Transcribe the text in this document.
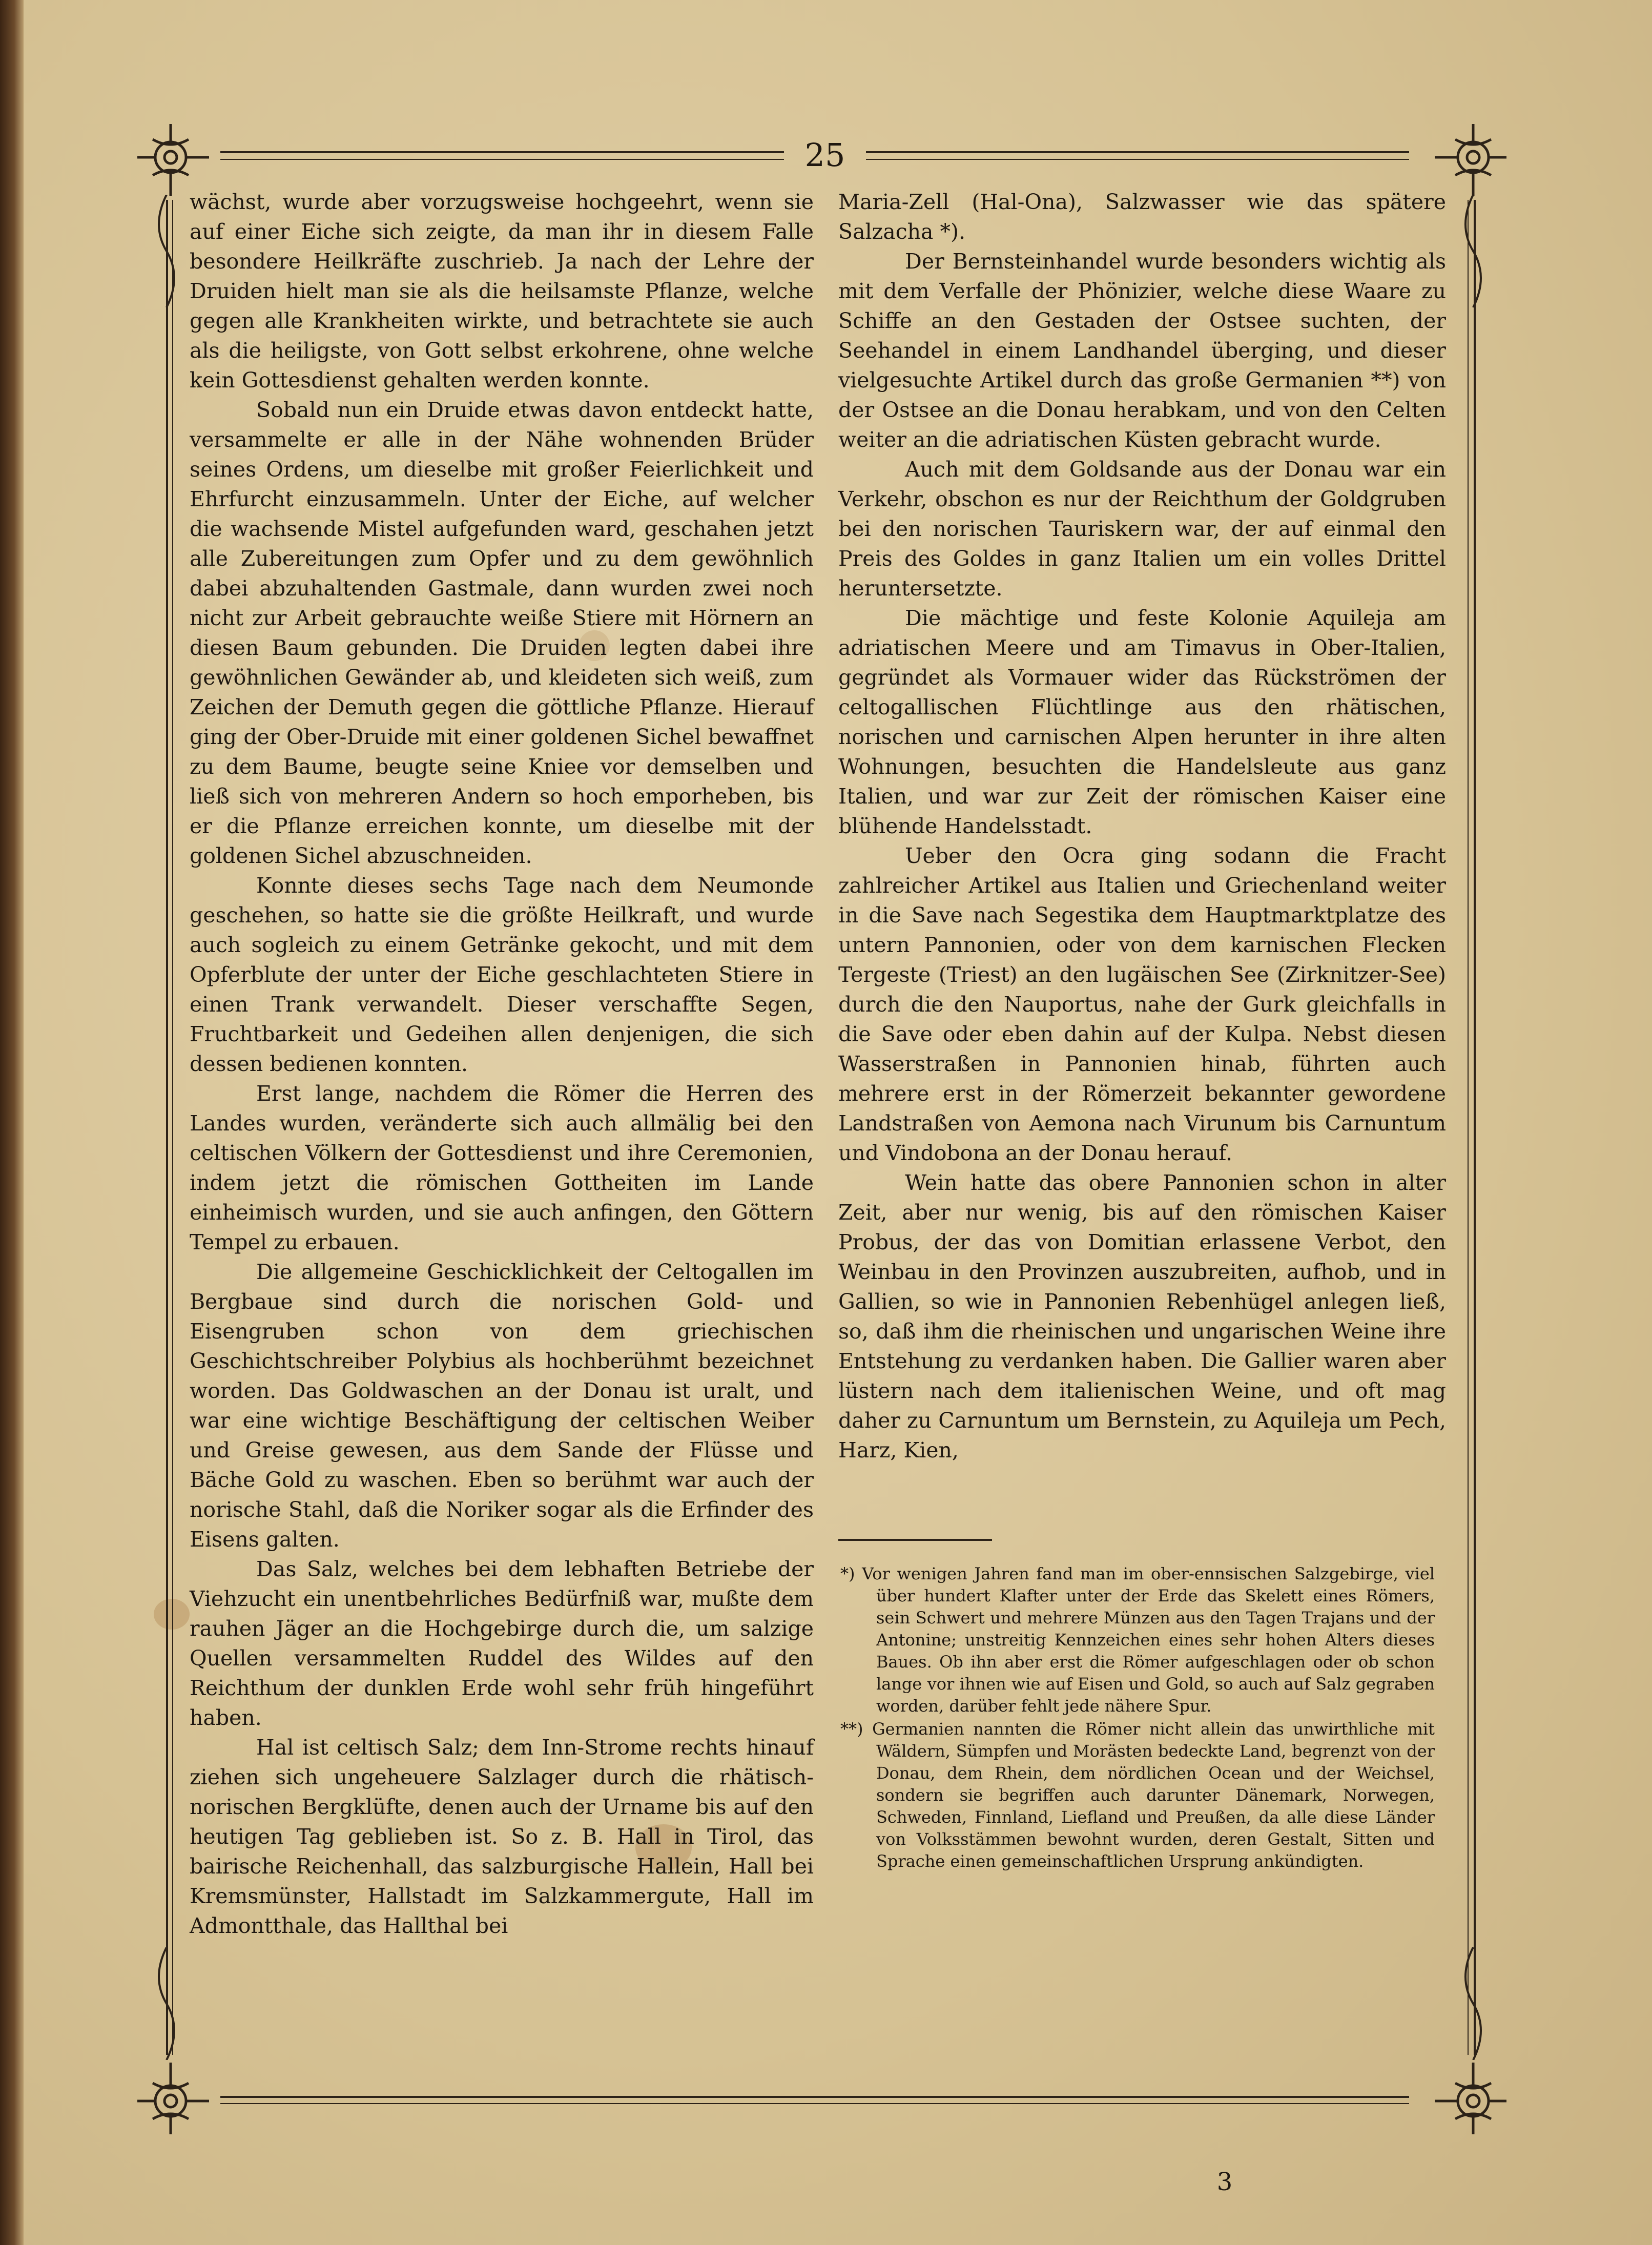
25

wächst, wurde aber vorzugsweise hochgeehrt, wenn sie auf einer Eiche sich zeigte, da man ihr in diesem Falle besondere Heilkräfte zuschrieb. Ja nach der Lehre der Druiden hielt man sie als die heilsamste Pflanze, welche gegen alle Krankheiten wirkte, und betrachtete sie auch als die heiligste, von Gott selbst erkohrene, ohne welche kein Gottesdienst gehalten werden konnte.

Sobald nun ein Druide etwas davon entdeckt hatte, versammelte er alle in der Nähe wohnenden Brüder seines Ordens, um dieselbe mit großer Feierlichkeit und Ehrfurcht einzusammeln. Unter der Eiche, auf welcher die wachsende Mistel aufgefunden ward, geschahen jetzt alle Zubereitungen zum Opfer und zu dem gewöhnlich dabei abzuhaltenden Gastmale, dann wurden zwei noch nicht zur Arbeit gebrauchte weiße Stiere mit Hörnern an diesen Baum gebunden. Die Druiden legten dabei ihre gewöhnlichen Gewänder ab, und kleideten sich weiß, zum Zeichen der Demuth gegen die göttliche Pflanze. Hierauf ging der Ober-Druide mit einer goldenen Sichel bewaffnet zu dem Baume, beugte seine Kniee vor demselben und ließ sich von mehreren Andern so hoch emporheben, bis er die Pflanze erreichen konnte, um dieselbe mit der goldenen Sichel abzuschneiden.

Konnte dieses sechs Tage nach dem Neumonde geschehen, so hatte sie die größte Heilkraft, und wurde auch sogleich zu einem Getränke gekocht, und mit dem Opferblute der unter der Eiche geschlachteten Stiere in einen Trank verwandelt. Dieser verschaffte Segen, Fruchtbarkeit und Gedeihen allen denjenigen, die sich dessen bedienen konnten.

Erst lange, nachdem die Römer die Herren des Landes wurden, veränderte sich auch allmälig bei den celtischen Völkern der Gottesdienst und ihre Ceremonien, indem jetzt die römischen Gottheiten im Lande einheimisch wurden, und sie auch anfingen, den Göttern Tempel zu erbauen.

Die allgemeine Geschicklichkeit der Celtogallen im Bergbaue sind durch die norischen Gold- und Eisengruben schon von dem griechischen Geschichtschreiber Polybius als hochberühmt bezeichnet worden. Das Goldwaschen an der Donau ist uralt, und war eine wichtige Beschäftigung der celtischen Weiber und Greise gewesen, aus dem Sande der Flüsse und Bäche Gold zu waschen. Eben so berühmt war auch der norische Stahl, daß die Noriker sogar als die Erfinder des Eisens galten.

Das Salz, welches bei dem lebhaften Betriebe der Viehzucht ein unentbehrliches Bedürfniß war, mußte dem rauhen Jäger an die Hochgebirge durch die, um salzige Quellen versammelten Ruddel des Wildes auf den Reichthum der dunklen Erde wohl sehr früh hingeführt haben.

Hal ist celtisch Salz; dem Inn-Strome rechts hinauf ziehen sich ungeheuere Salzlager durch die rhätisch-norischen Bergklüfte, denen auch der Urname bis auf den heutigen Tag geblieben ist. So z. B. Hall in Tirol, das bairische Reichenhall, das salzburgische Hallein, Hall bei Kremsmünster, Hallstadt im Salzkammergute, Hall im Admontthale, das Hallthal bei

Maria-Zell (Hal-Ona), Salzwasser wie das spätere Salzacha *).

Der Bernsteinhandel wurde besonders wichtig als mit dem Verfalle der Phönizier, welche diese Waare zu Schiffe an den Gestaden der Ostsee suchten, der Seehandel in einem Landhandel überging, und dieser vielgesuchte Artikel durch das große Germanien **) von der Ostsee an die Donau herabkam, und von den Celten weiter an die adriatischen Küsten gebracht wurde.

Auch mit dem Goldsande aus der Donau war ein Verkehr, obschon es nur der Reichthum der Goldgruben bei den norischen Tauriskern war, der auf einmal den Preis des Goldes in ganz Italien um ein volles Drittel heruntersetzte.

Die mächtige und feste Kolonie Aquileja am adriatischen Meere und am Timavus in Ober-Italien, gegründet als Vormauer wider das Rückströmen der celtogallischen Flüchtlinge aus den rhätischen, norischen und carnischen Alpen herunter in ihre alten Wohnungen, besuchten die Handelsleute aus ganz Italien, und war zur Zeit der römischen Kaiser eine blühende Handelsstadt.

Ueber den Ocra ging sodann die Fracht zahlreicher Artikel aus Italien und Griechenland weiter in die Save nach Segestika dem Hauptmarktplatze des untern Pannonien, oder von dem karnischen Flecken Tergeste (Triest) an den lugäischen See (Zirknitzer-See) durch die den Nauportus, nahe der Gurk gleichfalls in die Save oder eben dahin auf der Kulpa. Nebst diesen Wasserstraßen in Pannonien hinab, führten auch mehrere erst in der Römerzeit bekannter gewordene Landstraßen von Aemona nach Virunum bis Carnuntum und Vindobona an der Donau herauf.

Wein hatte das obere Pannonien schon in alter Zeit, aber nur wenig, bis auf den römischen Kaiser Probus, der das von Domitian erlassene Verbot, den Weinbau in den Provinzen auszubreiten, aufhob, und in Gallien, so wie in Pannonien Rebenhügel anlegen ließ, so, daß ihm die rheinischen und ungarischen Weine ihre Entstehung zu verdanken haben. Die Gallier waren aber lüstern nach dem italienischen Weine, und oft mag daher zu Carnuntum um Bernstein, zu Aquileja um Pech, Harz, Kien,

*) Vor wenigen Jahren fand man im ober-ennsischen Salzgebirge, viel über hundert Klafter unter der Erde das Skelett eines Römers, sein Schwert und mehrere Münzen aus den Tagen Trajans und der Antonine; unstreitig Kennzeichen eines sehr hohen Alters dieses Baues. Ob ihn aber erst die Römer aufgeschlagen oder ob schon lange vor ihnen wie auf Eisen und Gold, so auch auf Salz gegraben worden, darüber fehlt jede nähere Spur.

**) Germanien nannten die Römer nicht allein das unwirthliche mit Wäldern, Sümpfen und Morästen bedeckte Land, begrenzt von der Donau, dem Rhein, dem nördlichen Ocean und der Weichsel, sondern sie begriffen auch darunter Dänemark, Norwegen, Schweden, Finnland, Liefland und Preußen, da alle diese Länder von Volksstämmen bewohnt wurden, deren Gestalt, Sitten und Sprache einen gemeinschaftlichen Ursprung ankündigten.

3
